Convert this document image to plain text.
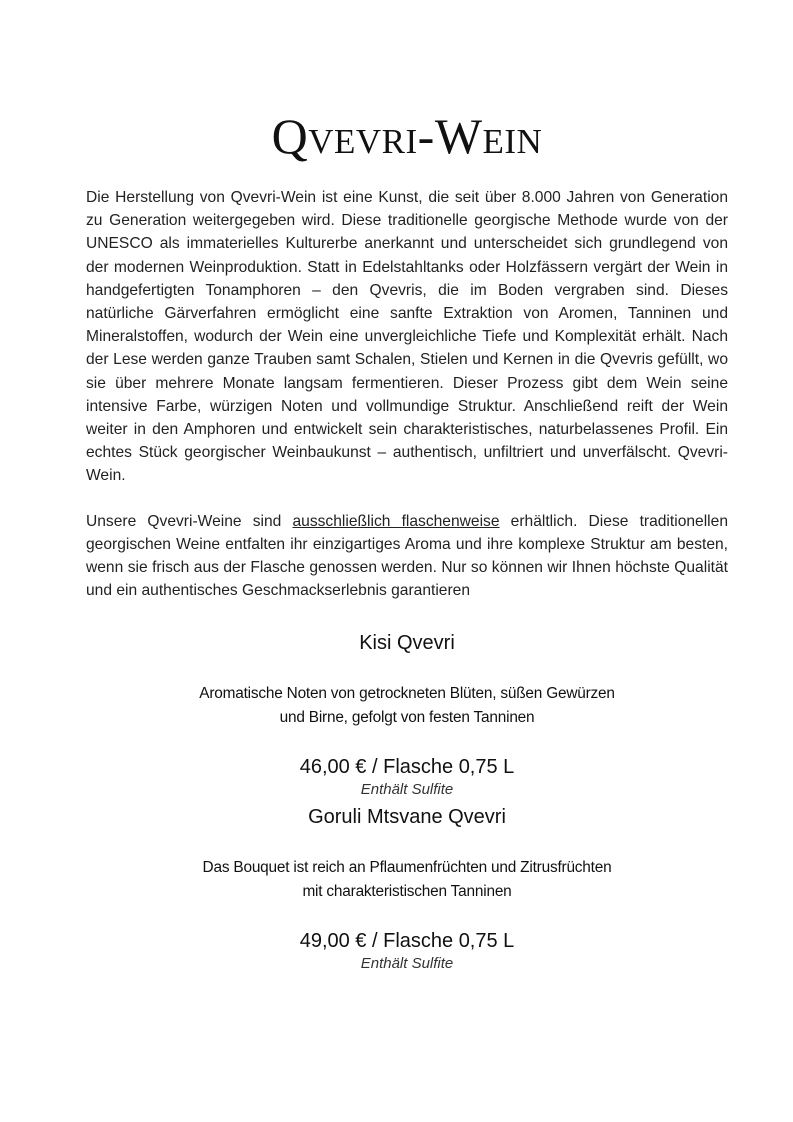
Qvevri-Wein

Die Herstellung von Qvevri-Wein ist eine Kunst, die seit über 8.000 Jahren von Generation zu Generation weitergegeben wird. Diese traditionelle georgische Methode wurde von der UNESCO als immaterielles Kulturerbe anerkannt und unterscheidet sich grundlegend von der modernen Weinproduktion. Statt in Edelstahltanks oder Holzfässern vergärt der Wein in handgefertigten Tonamphoren – den Qvevris, die im Boden vergraben sind. Dieses natürliche Gärverfahren ermöglicht eine sanfte Extraktion von Aromen, Tanninen und Mineralstoffen, wodurch der Wein eine unvergleichliche Tiefe und Komplexität erhält. Nach der Lese werden ganze Trauben samt Schalen, Stielen und Kernen in die Qvevris gefüllt, wo sie über mehrere Monate langsam fermentieren. Dieser Prozess gibt dem Wein seine intensive Farbe, würzigen Noten und vollmundige Struktur. Anschließend reift der Wein weiter in den Amphoren und entwickelt sein charakteristisches, naturbelassenes Profil. Ein echtes Stück georgischer Weinbaukunst – authentisch, unfiltriert und unverfälscht. Qvevri-Wein.

Unsere Qvevri-Weine sind ausschließlich flaschenweise erhältlich. Diese traditionellen georgischen Weine entfalten ihr einzigartiges Aroma und ihre komplexe Struktur am besten, wenn sie frisch aus der Flasche genossen werden. Nur so können wir Ihnen höchste Qualität und ein authentisches Geschmackserlebnis garantieren

Kisi Qvevri
Aromatische Noten von getrockneten Blüten, süßen Gewürzen
und Birne, gefolgt von festen Tanninen
46,00 € / Flasche 0,75 L
Enthält Sulfite
Goruli Mtsvane Qvevri
Das Bouquet ist reich an Pflaumenfrüchten und Zitrusfrüchten
mit charakteristischen Tanninen
49,00 € / Flasche 0,75 L
Enthält Sulfite
